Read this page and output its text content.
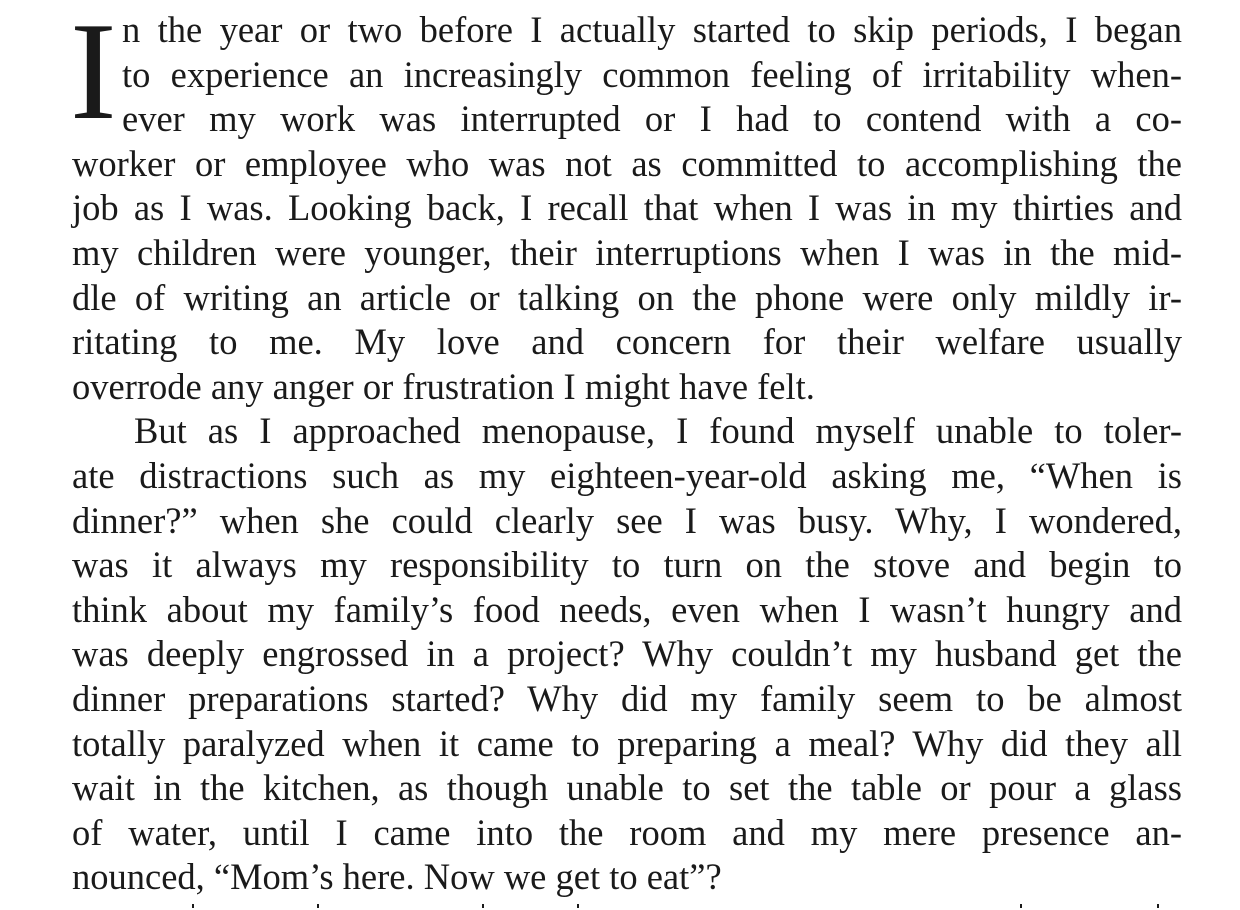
I n the year or two before I actually started to skip periods, I began
to experience an increasingly common feeling of irritability when-
ever my work was interrupted or I had to contend with a co-
worker or employee who was not as committed to accomplishing the
job as I was. Looking back, I recall that when I was in my thirties and
my children were younger, their interruptions when I was in the mid-
dle of writing an article or talking on the phone were only mildly ir-
ritating to me. My love and concern for their welfare usually
overrode any anger or frustration I might have felt.
But as I approached menopause, I found myself unable to toler-
ate distractions such as my eighteen-year-old asking me, “When is
dinner?” when she could clearly see I was busy. Why, I wondered,
was it always my responsibility to turn on the stove and begin to
think about my family’s food needs, even when I wasn’t hungry and
was deeply engrossed in a project? Why couldn’t my husband get the
dinner preparations started? Why did my family seem to be almost
totally paralyzed when it came to preparing a meal? Why did they all
wait in the kitchen, as though unable to set the table or pour a glass
of water, until I came into the room and my mere presence an-
nounced, “Mom’s here. Now we get to eat”?
